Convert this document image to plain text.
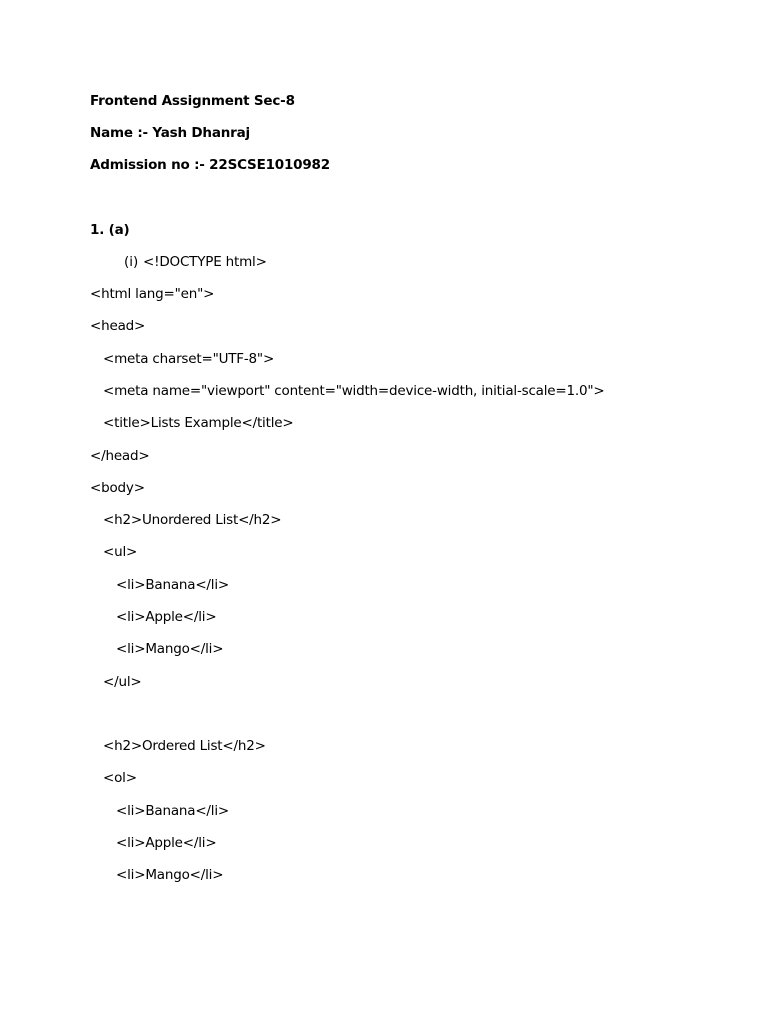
Frontend Assignment Sec-8
Name :- Yash Dhanraj
Admission no :- 22SCSE1010982
1. (a)
(i) <!DOCTYPE html>
<html lang="en">
<head>
<meta charset="UTF-8">
<meta name="viewport" content="width=device-width, initial-scale=1.0">
<title>Lists Example</title>
</head>
<body>
<h2>Unordered List</h2>
<ul>
<li>Banana</li>
<li>Apple</li>
<li>Mango</li>
</ul>
<h2>Ordered List</h2>
<ol>
<li>Banana</li>
<li>Apple</li>
<li>Mango</li>
